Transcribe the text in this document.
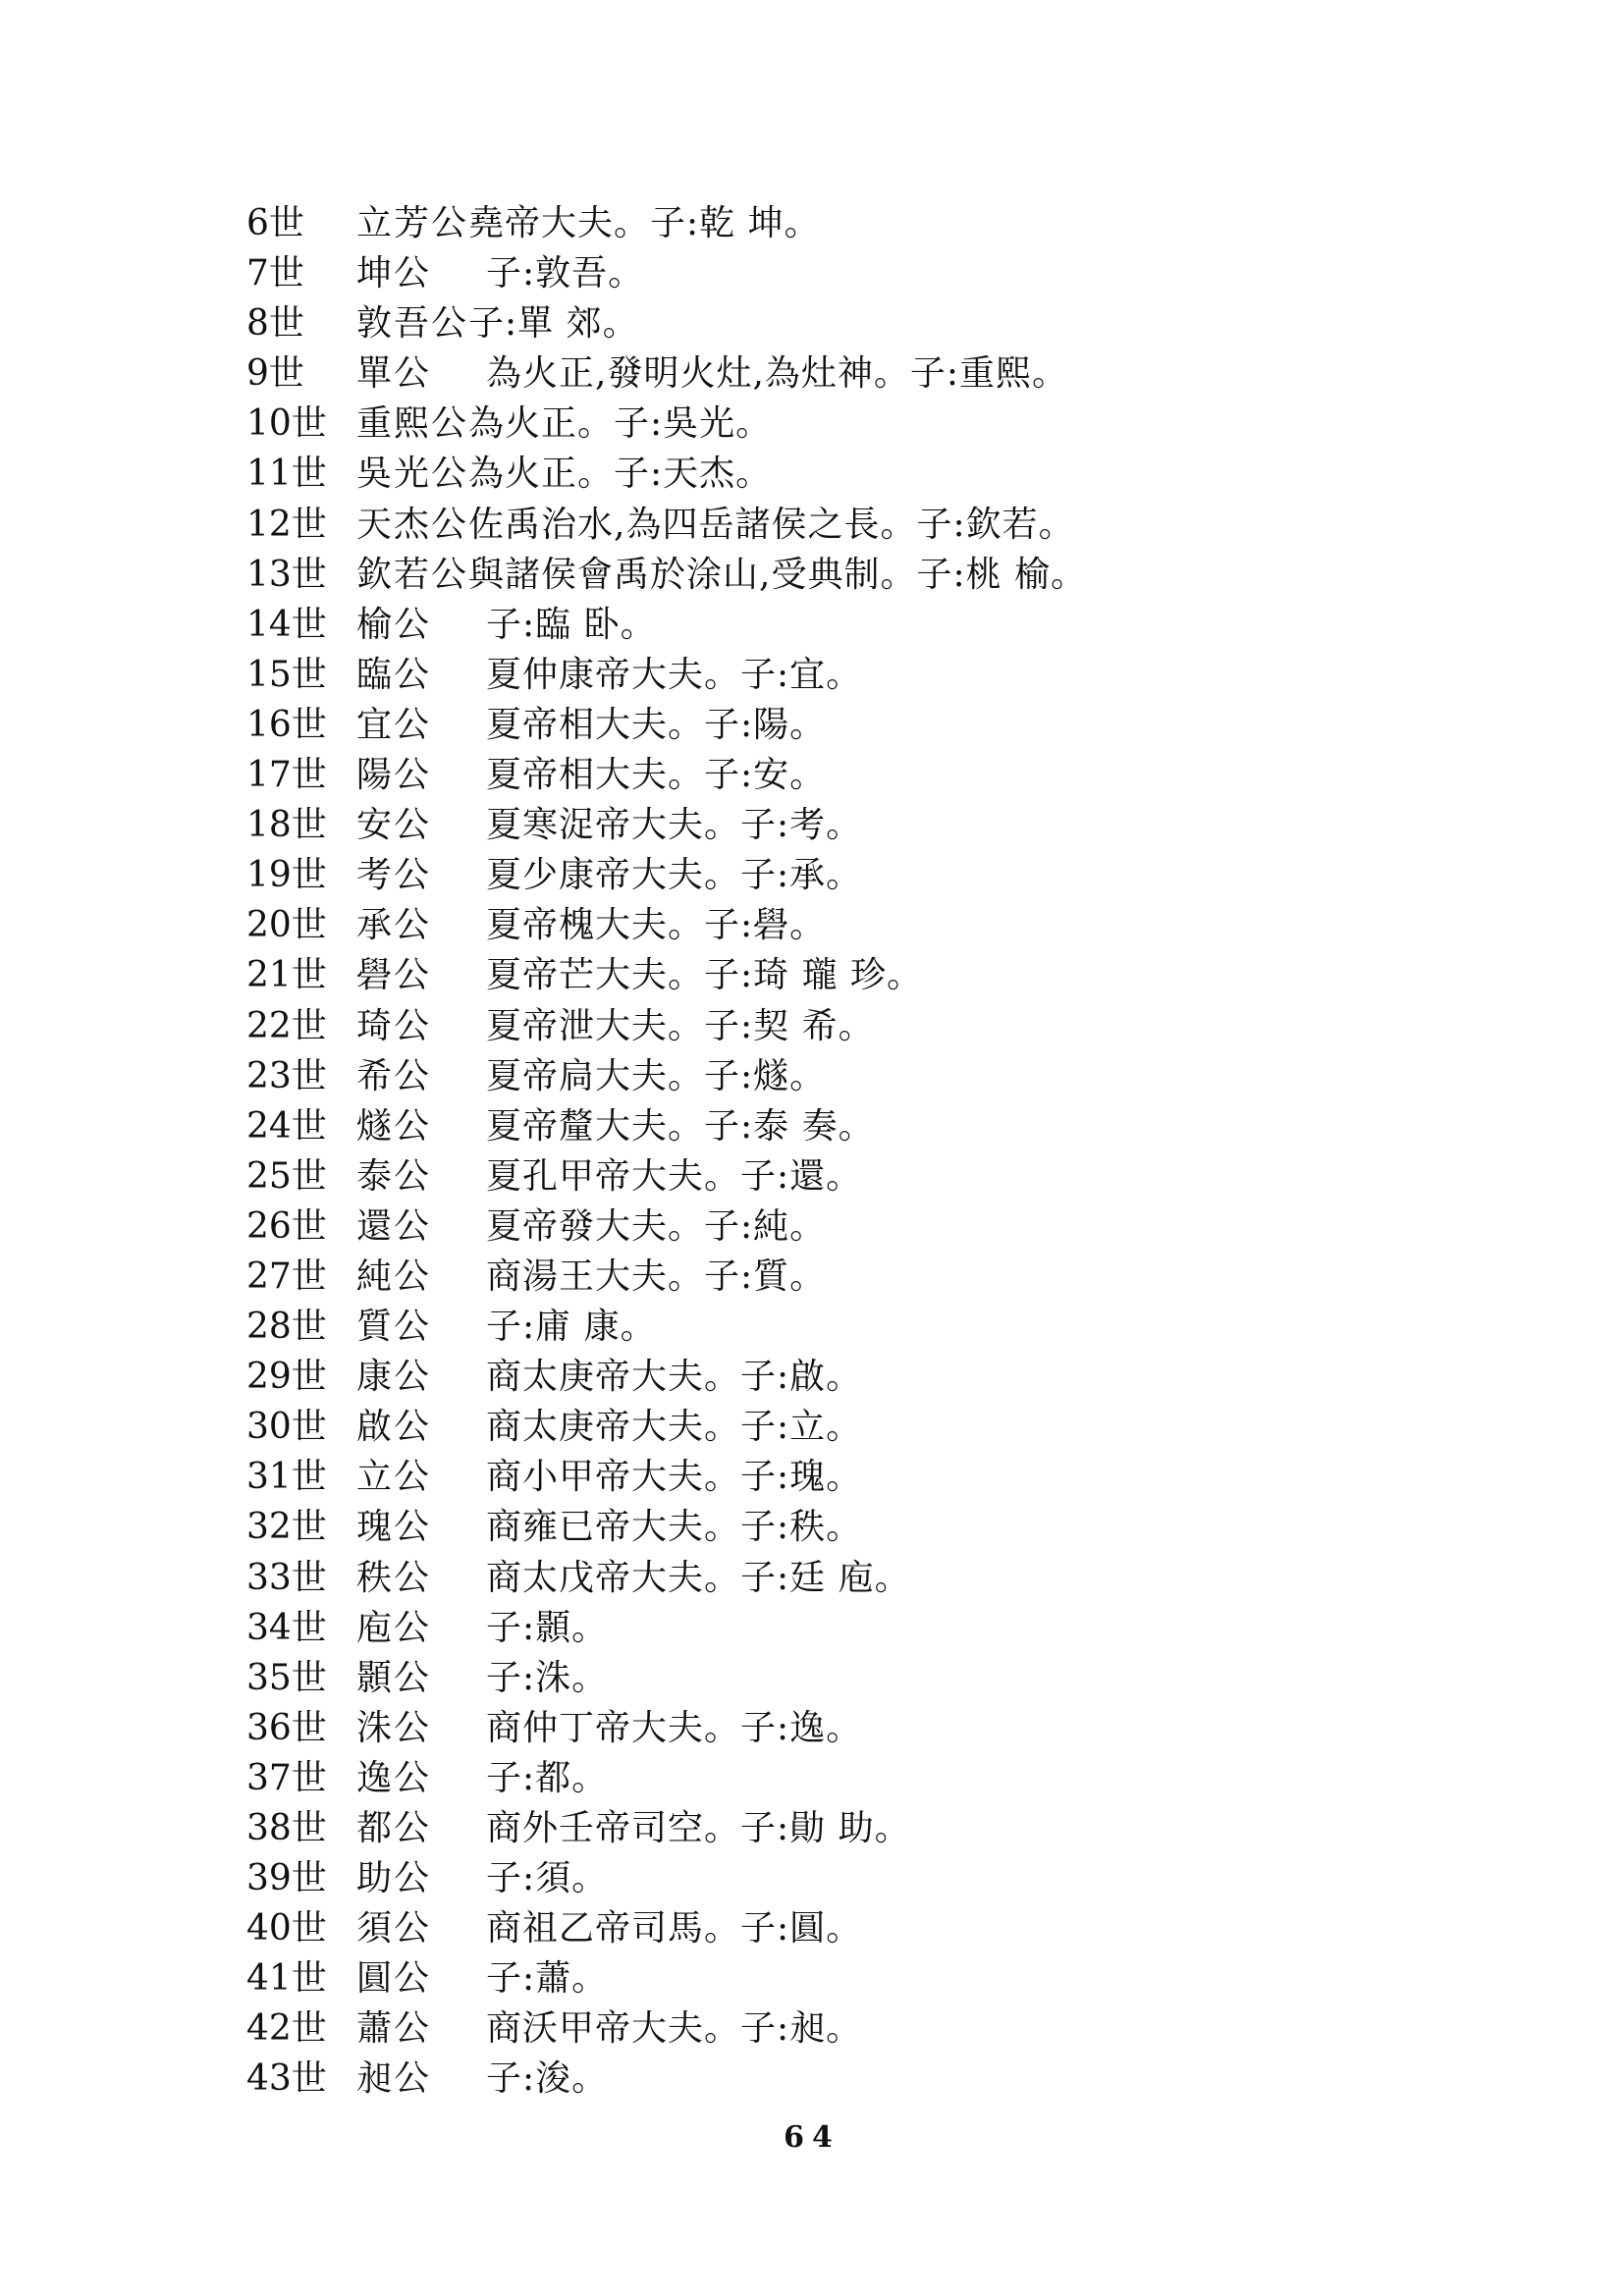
6世 立芳公 堯帝大夫。子:乾 坤。
7世 坤公 子:敦吾。
8世 敦吾公 子:單 郊。
9世 單公 為火正,發明火灶,為灶神。子:重熙。
10世 重熙公 為火正。子:吳光。
11世 吳光公 為火正。子:天杰。
12世 天杰公 佐禹治水,為四岳諸侯之長。子:欽若。
13世 欽若公 與諸侯會禹於涂山,受典制。子:桃 榆。
14世 榆公 子:臨 卧。
15世 臨公 夏仲康帝大夫。子:宜。
16世 宜公 夏帝相大夫。子:陽。
17世 陽公 夏帝相大夫。子:安。
18世 安公 夏寒浞帝大夫。子:考。
19世 考公 夏少康帝大夫。子:承。
20世 承公 夏帝槐大夫。子:礐。
21世 礐公 夏帝芒大夫。子:琦 瓏 珍。
22世 琦公 夏帝泄大夫。子:契 希。
23世 希公 夏帝扃大夫。子:燧。
24世 燧公 夏帝釐大夫。子:泰 奏。
25世 泰公 夏孔甲帝大夫。子:還。
26世 還公 夏帝發大夫。子:純。
27世 純公 商湯王大夫。子:質。
28世 質公 子:庯 康。
29世 康公 商太庚帝大夫。子:啟。
30世 啟公 商太庚帝大夫。子:立。
31世 立公 商小甲帝大夫。子:瑰。
32世 瑰公 商雍已帝大夫。子:秩。
33世 秩公 商太戊帝大夫。子:廷 庖。
34世 庖公 子:顥。
35世 顥公 子:洙。
36世 洙公 商仲丁帝大夫。子:逸。
37世 逸公 子:都。
38世 都公 商外壬帝司空。子:勛 助。
39世 助公 子:須。
40世 須公 商祖乙帝司馬。子:圓。
41世 圓公 子:蕭。
42世 蕭公 商沃甲帝大夫。子:昶。
43世 昶公 子:浚。
64
